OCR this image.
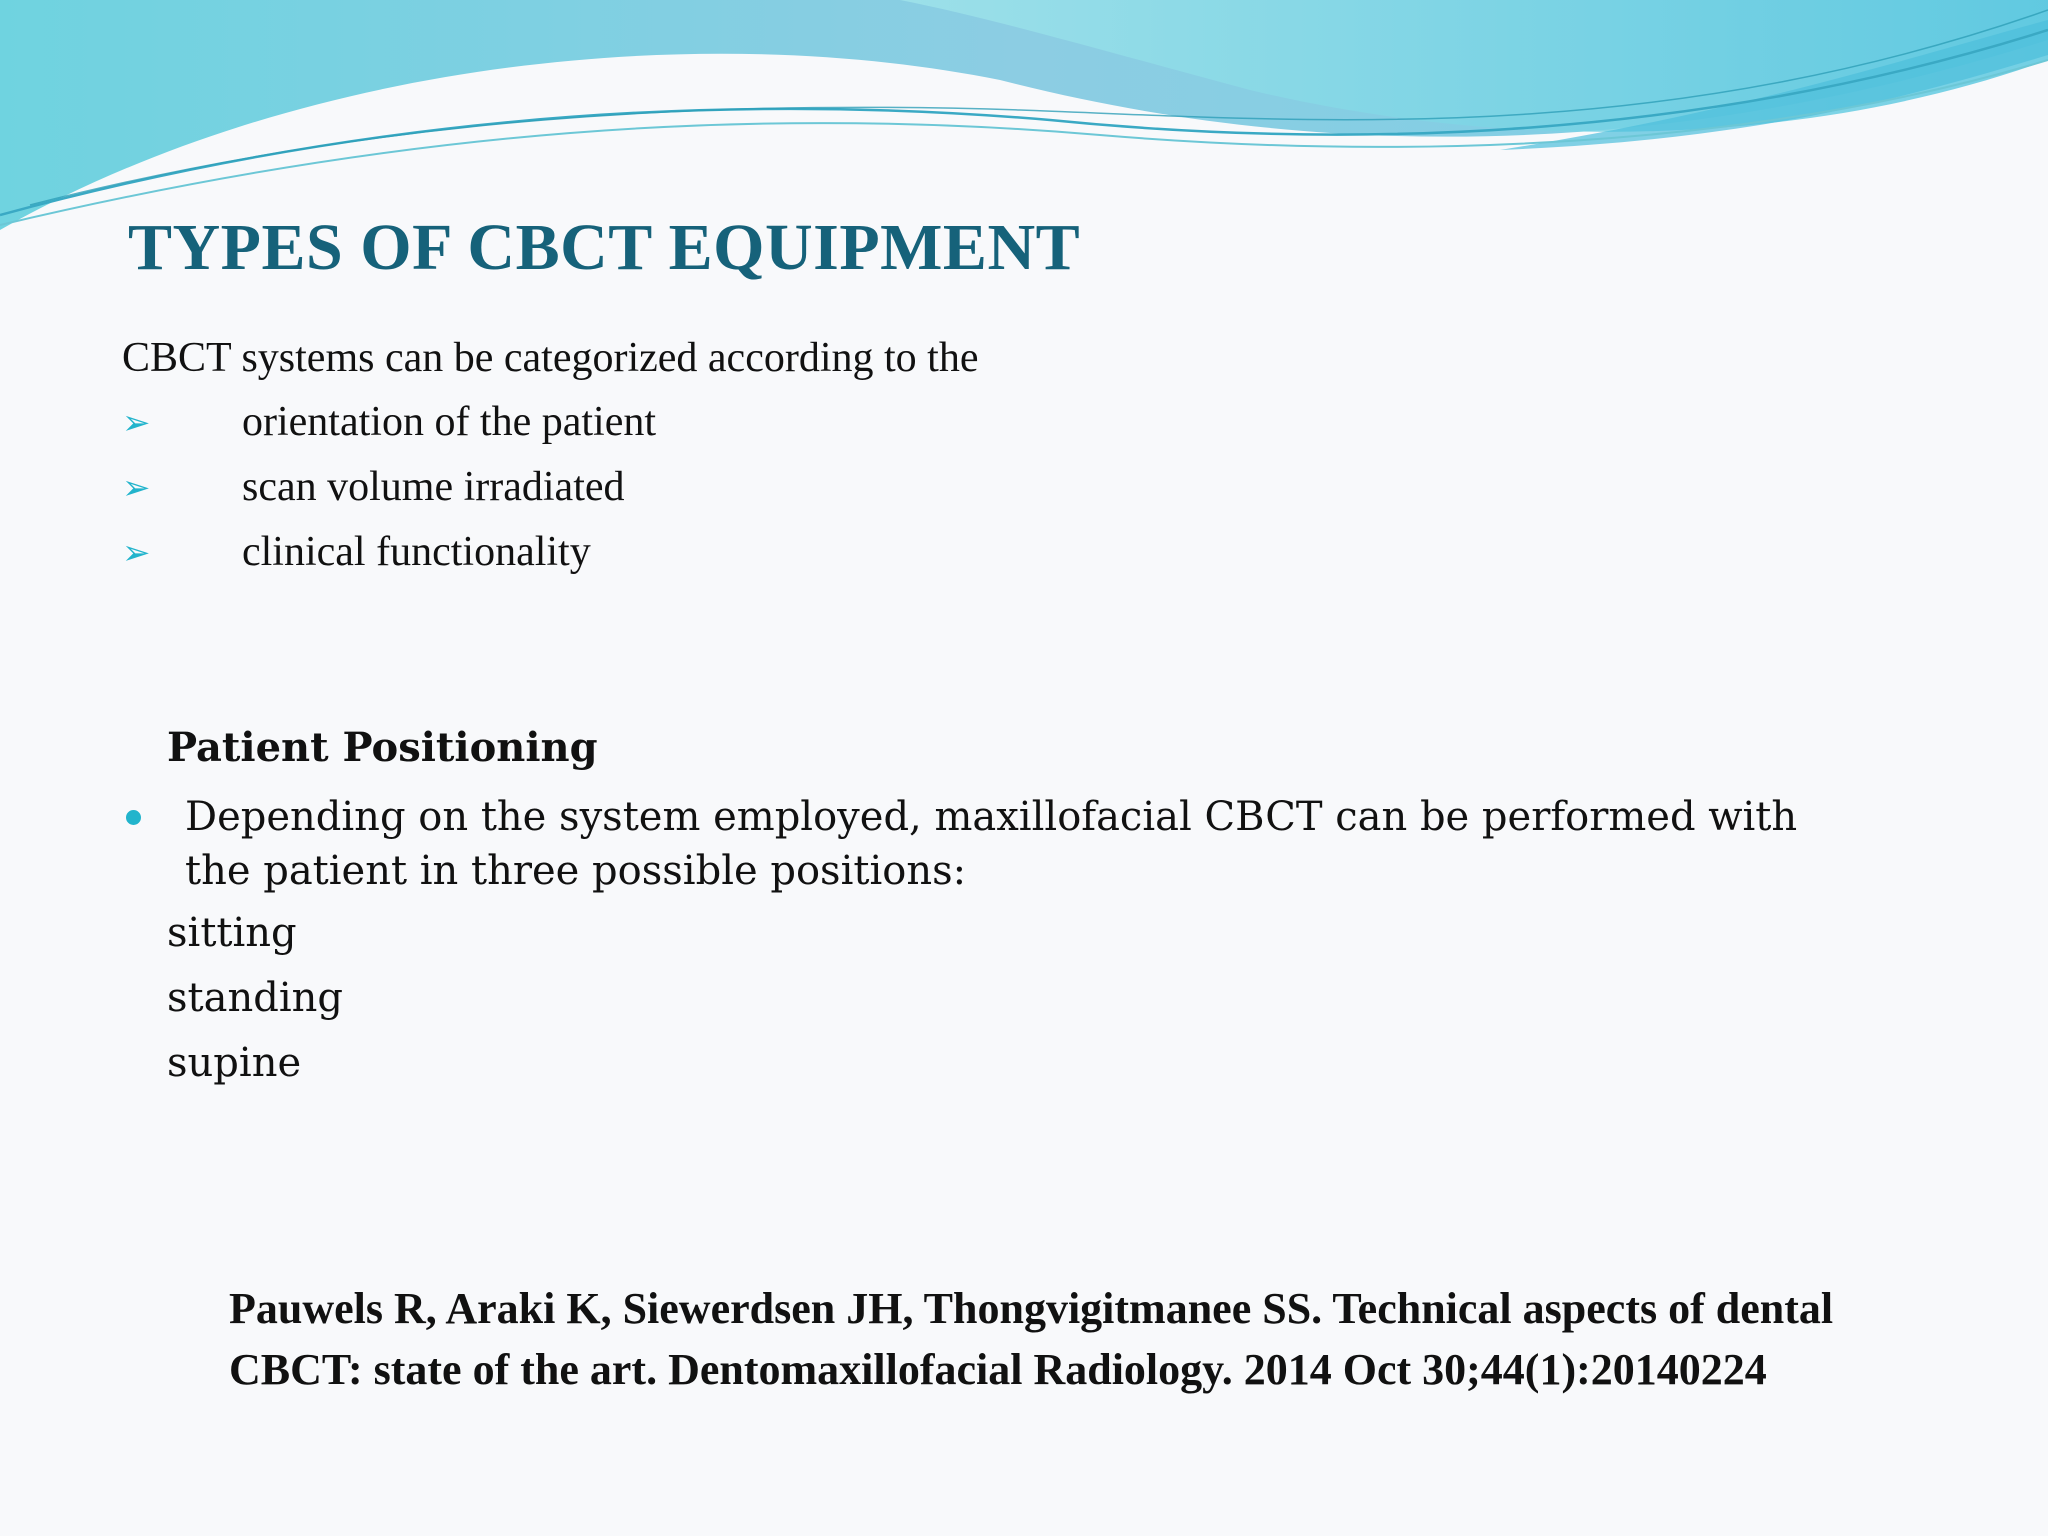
TYPES OF CBCT EQUIPMENT
CBCT systems can be categorized according to the
➢	orientation of the patient
➢	scan volume irradiated
➢	clinical functionality
Patient Positioning
Depending on the system employed, maxillofacial CBCT can be performed with the patient in three possible positions:
sitting
standing
supine
Pauwels R, Araki K, Siewerdsen JH, Thongvigitmanee SS. Technical aspects of dental CBCT: state of the art. Dentomaxillofacial Radiology. 2014 Oct 30;44(1):20140224
